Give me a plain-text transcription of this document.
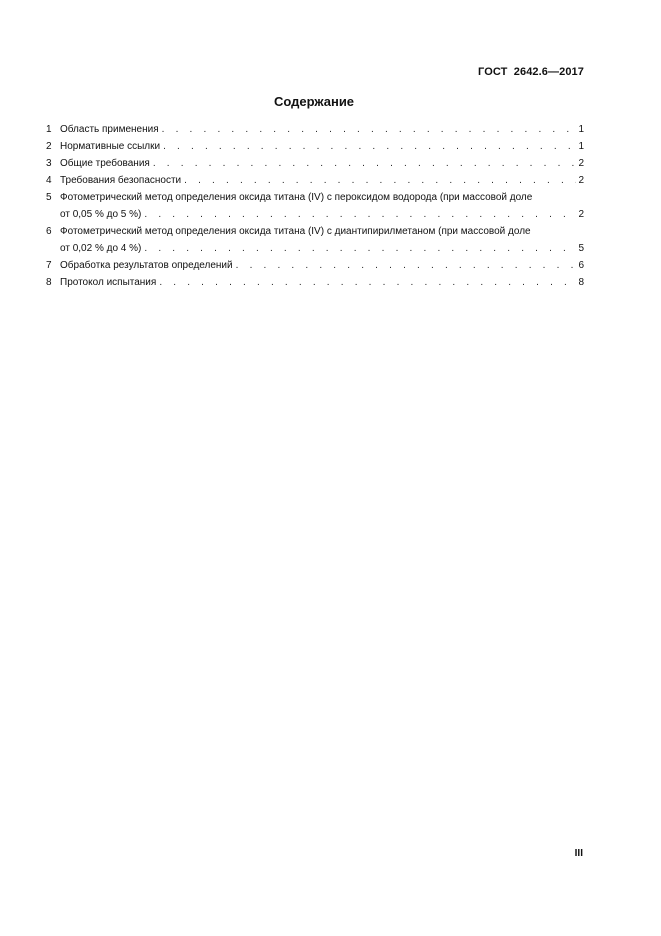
ГОСТ  2642.6—2017
Содержание
1 Область применения . . .	1
2 Нормативные ссылки . . .	1
3 Общие требования . . .	2
4 Требования безопасности . . .	2
5 Фотометрический метод определения оксида титана (IV) с пероксидом водорода (при массовой доле
от 0,05 % до 5 %) . . .	2
6 Фотометрический метод определения оксида титана (IV) с диантипирилметаном (при массовой доле
от 0,02 % до 4 %) . . .	5
7 Обработка результатов определений . . .	6
8 Протокол испытания . . .	8
III
